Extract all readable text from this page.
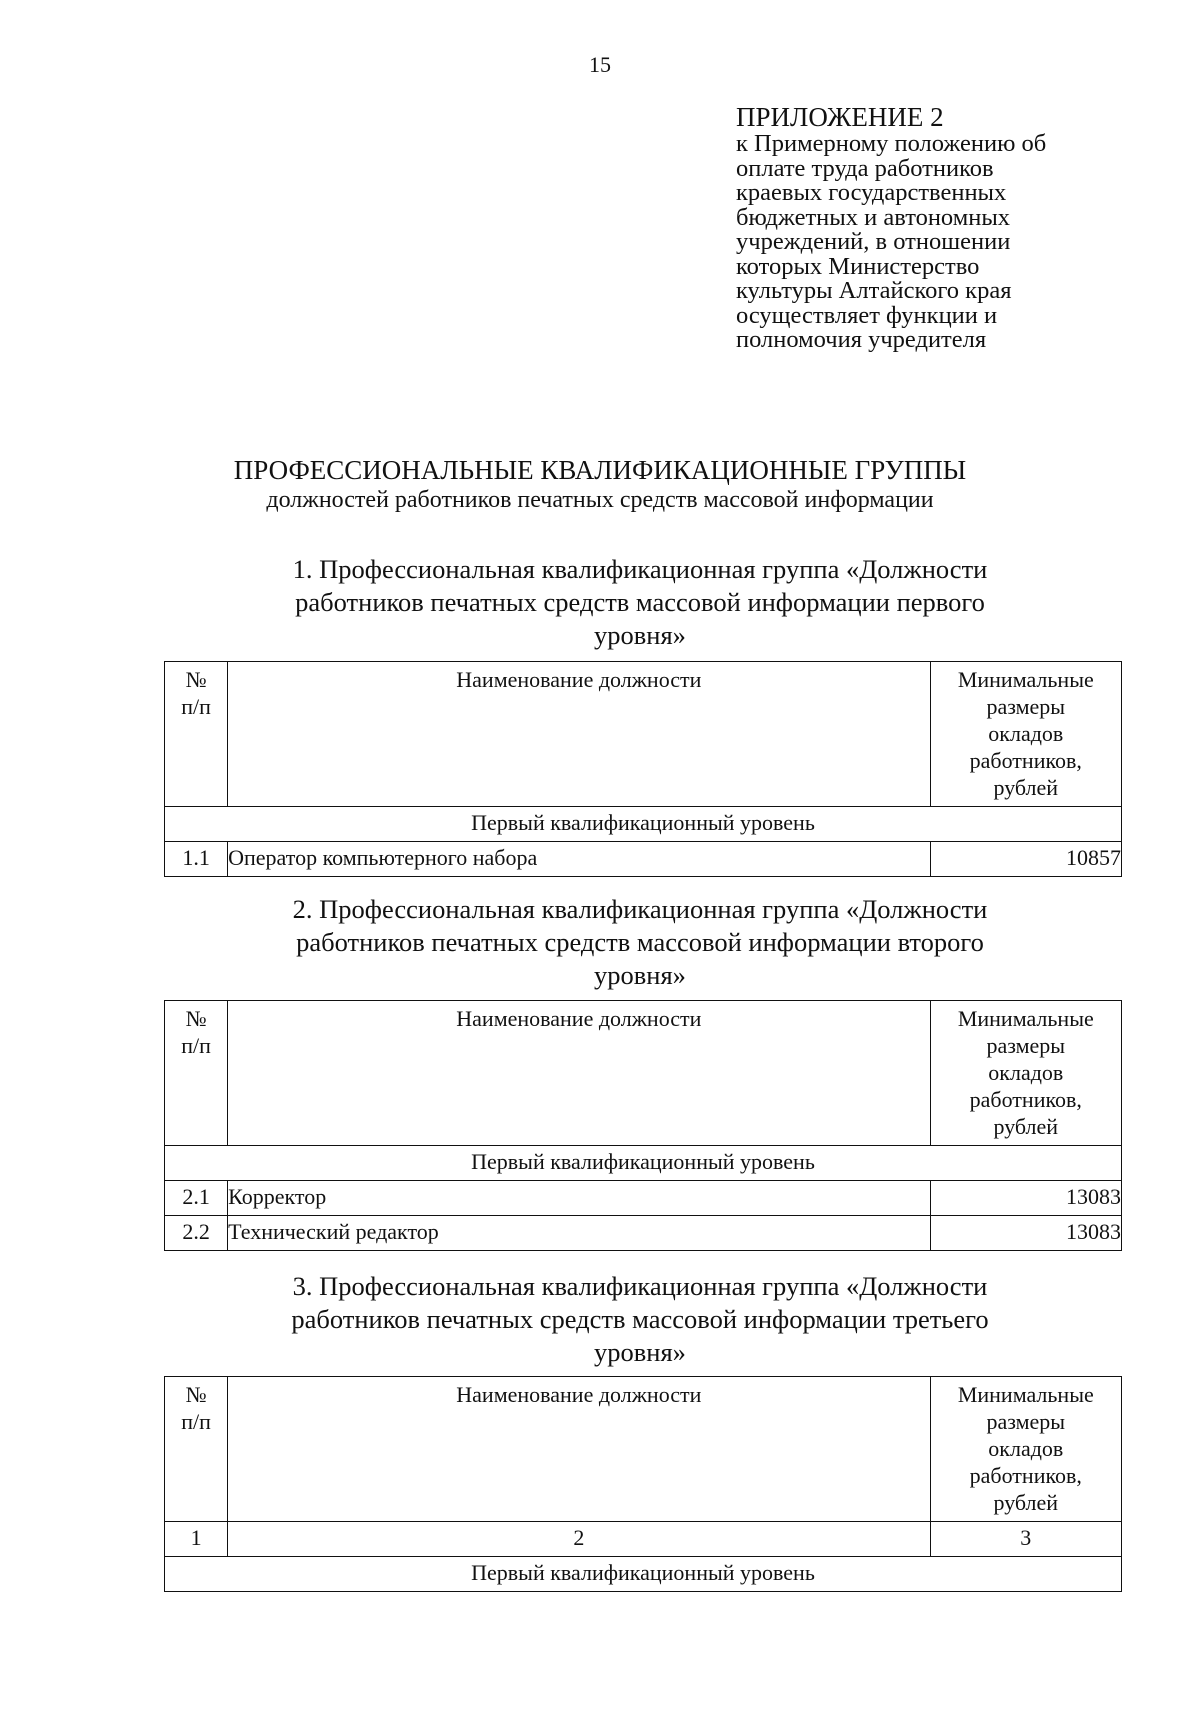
15
ПРИЛОЖЕНИЕ 2
к Примерному положению об
оплате труда работников
краевых государственных
бюджетных и автономных
учреждений, в отношении
которых Министерство
культуры Алтайского края
осуществляет функции и
полномочия учредителя
ПРОФЕССИОНАЛЬНЫЕ КВАЛИФИКАЦИОННЫЕ ГРУППЫ
должностей работников печатных средств массовой информации
1. Профессиональная квалификационная группа «Должности
работников печатных средств массовой информации первого
уровня»
№
п/п	Наименование должности	Минимальные
размеры
окладов
работников,
рублей

Первый квалификационный уровень		
1.1	Оператор компьютерного набора	10857
2. Профессиональная квалификационная группа «Должности
работников печатных средств массовой информации второго
уровня»
№
п/п	Наименование должности	Минимальные
размеры
окладов
работников,
рублей

Первый квалификационный уровень		
2.1	Корректор	13083
2.2	Технический редактор	13083
3. Профессиональная квалификационная группа «Должности
работников печатных средств массовой информации третьего
уровня»
№
п/п	Наименование должности	Минимальные
размеры
окладов
работников,
рублей

1	2	3
Первый квалификационный уровень		
